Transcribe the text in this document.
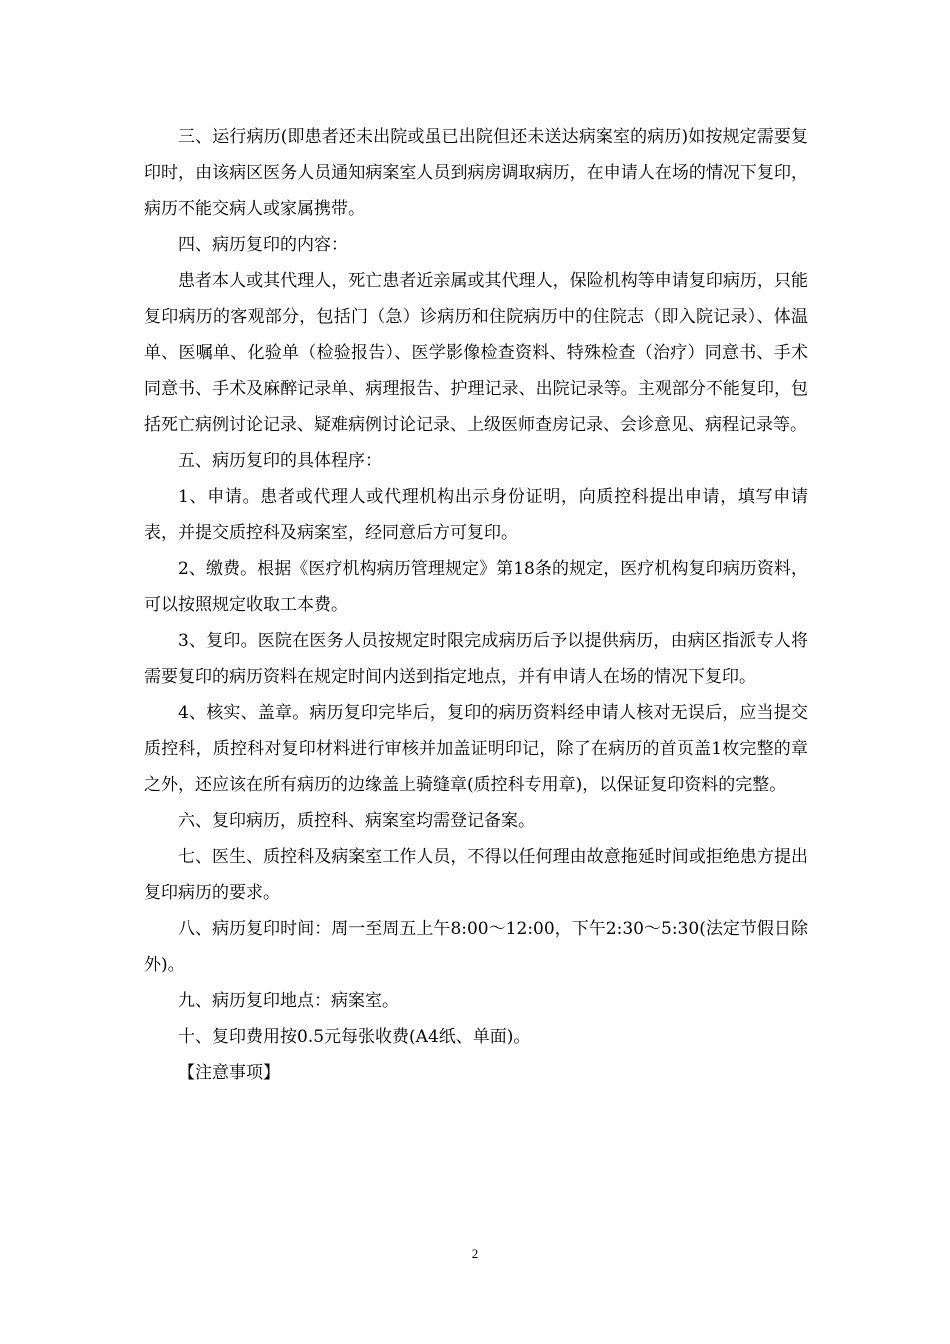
三、运行病历(即患者还未出院或虽已出院但还未送达病案室的病历)如按规定需要复印时，由该病区医务人员通知病案室人员到病房调取病历，在申请人在场的情况下复印，病历不能交病人或家属携带。

四、病历复印的内容：

患者本人或其代理人，死亡患者近亲属或其代理人，保险机构等申请复印病历，只能复印病历的客观部分，包括门（急）诊病历和住院病历中的住院志（即入院记录）、体温单、医嘱单、化验单（检验报告）、医学影像检查资料、特殊检查（治疗）同意书、手术同意书、手术及麻醉记录单、病理报告、护理记录、出院记录等。主观部分不能复印，包括死亡病例讨论记录、疑难病例讨论记录、上级医师查房记录、会诊意见、病程记录等。

五、病历复印的具体程序：

1、申请。患者或代理人或代理机构出示身份证明，向质控科提出申请，填写申请表，并提交质控科及病案室，经同意后方可复印。

2、缴费。根据《医疗机构病历管理规定》第18条的规定，医疗机构复印病历资料，可以按照规定收取工本费。

3、复印。医院在医务人员按规定时限完成病历后予以提供病历，由病区指派专人将需要复印的病历资料在规定时间内送到指定地点，并有申请人在场的情况下复印。

4、核实、盖章。病历复印完毕后，复印的病历资料经申请人核对无误后，应当提交质控科，质控科对复印材料进行审核并加盖证明印记，除了在病历的首页盖1枚完整的章之外，还应该在所有病历的边缘盖上骑缝章(质控科专用章)，以保证复印资料的完整。

六、复印病历，质控科、病案室均需登记备案。

七、医生、质控科及病案室工作人员，不得以任何理由故意拖延时间或拒绝患方提出复印病历的要求。

八、病历复印时间：周一至周五上午8:00～12:00，下午2:30～5:30(法定节假日除外)。

九、病历复印地点：病案室。

十、复印费用按0.5元每张收费(A4纸、单面)。

【注意事项】

2
